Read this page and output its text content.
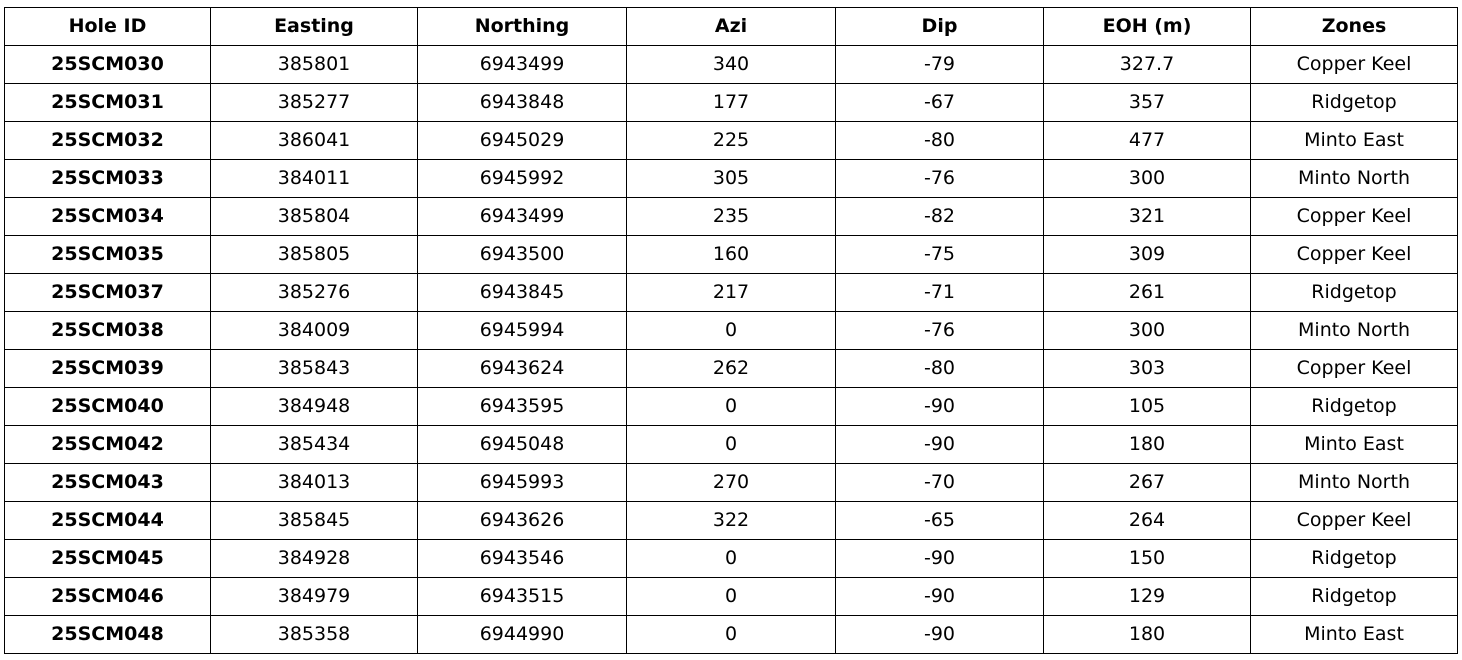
Hole ID	Easting	Northing	Azi	Dip	EOH (m)	Zones
25SCM030	385801	6943499	340	-79	327.7	Copper Keel
25SCM031	385277	6943848	177	-67	357	Ridgetop
25SCM032	386041	6945029	225	-80	477	Minto East
25SCM033	384011	6945992	305	-76	300	Minto North
25SCM034	385804	6943499	235	-82	321	Copper Keel
25SCM035	385805	6943500	160	-75	309	Copper Keel
25SCM037	385276	6943845	217	-71	261	Ridgetop
25SCM038	384009	6945994	0	-76	300	Minto North
25SCM039	385843	6943624	262	-80	303	Copper Keel
25SCM040	384948	6943595	0	-90	105	Ridgetop
25SCM042	385434	6945048	0	-90	180	Minto East
25SCM043	384013	6945993	270	-70	267	Minto North
25SCM044	385845	6943626	322	-65	264	Copper Keel
25SCM045	384928	6943546	0	-90	150	Ridgetop
25SCM046	384979	6943515	0	-90	129	Ridgetop
25SCM048	385358	6944990	0	-90	180	Minto East
